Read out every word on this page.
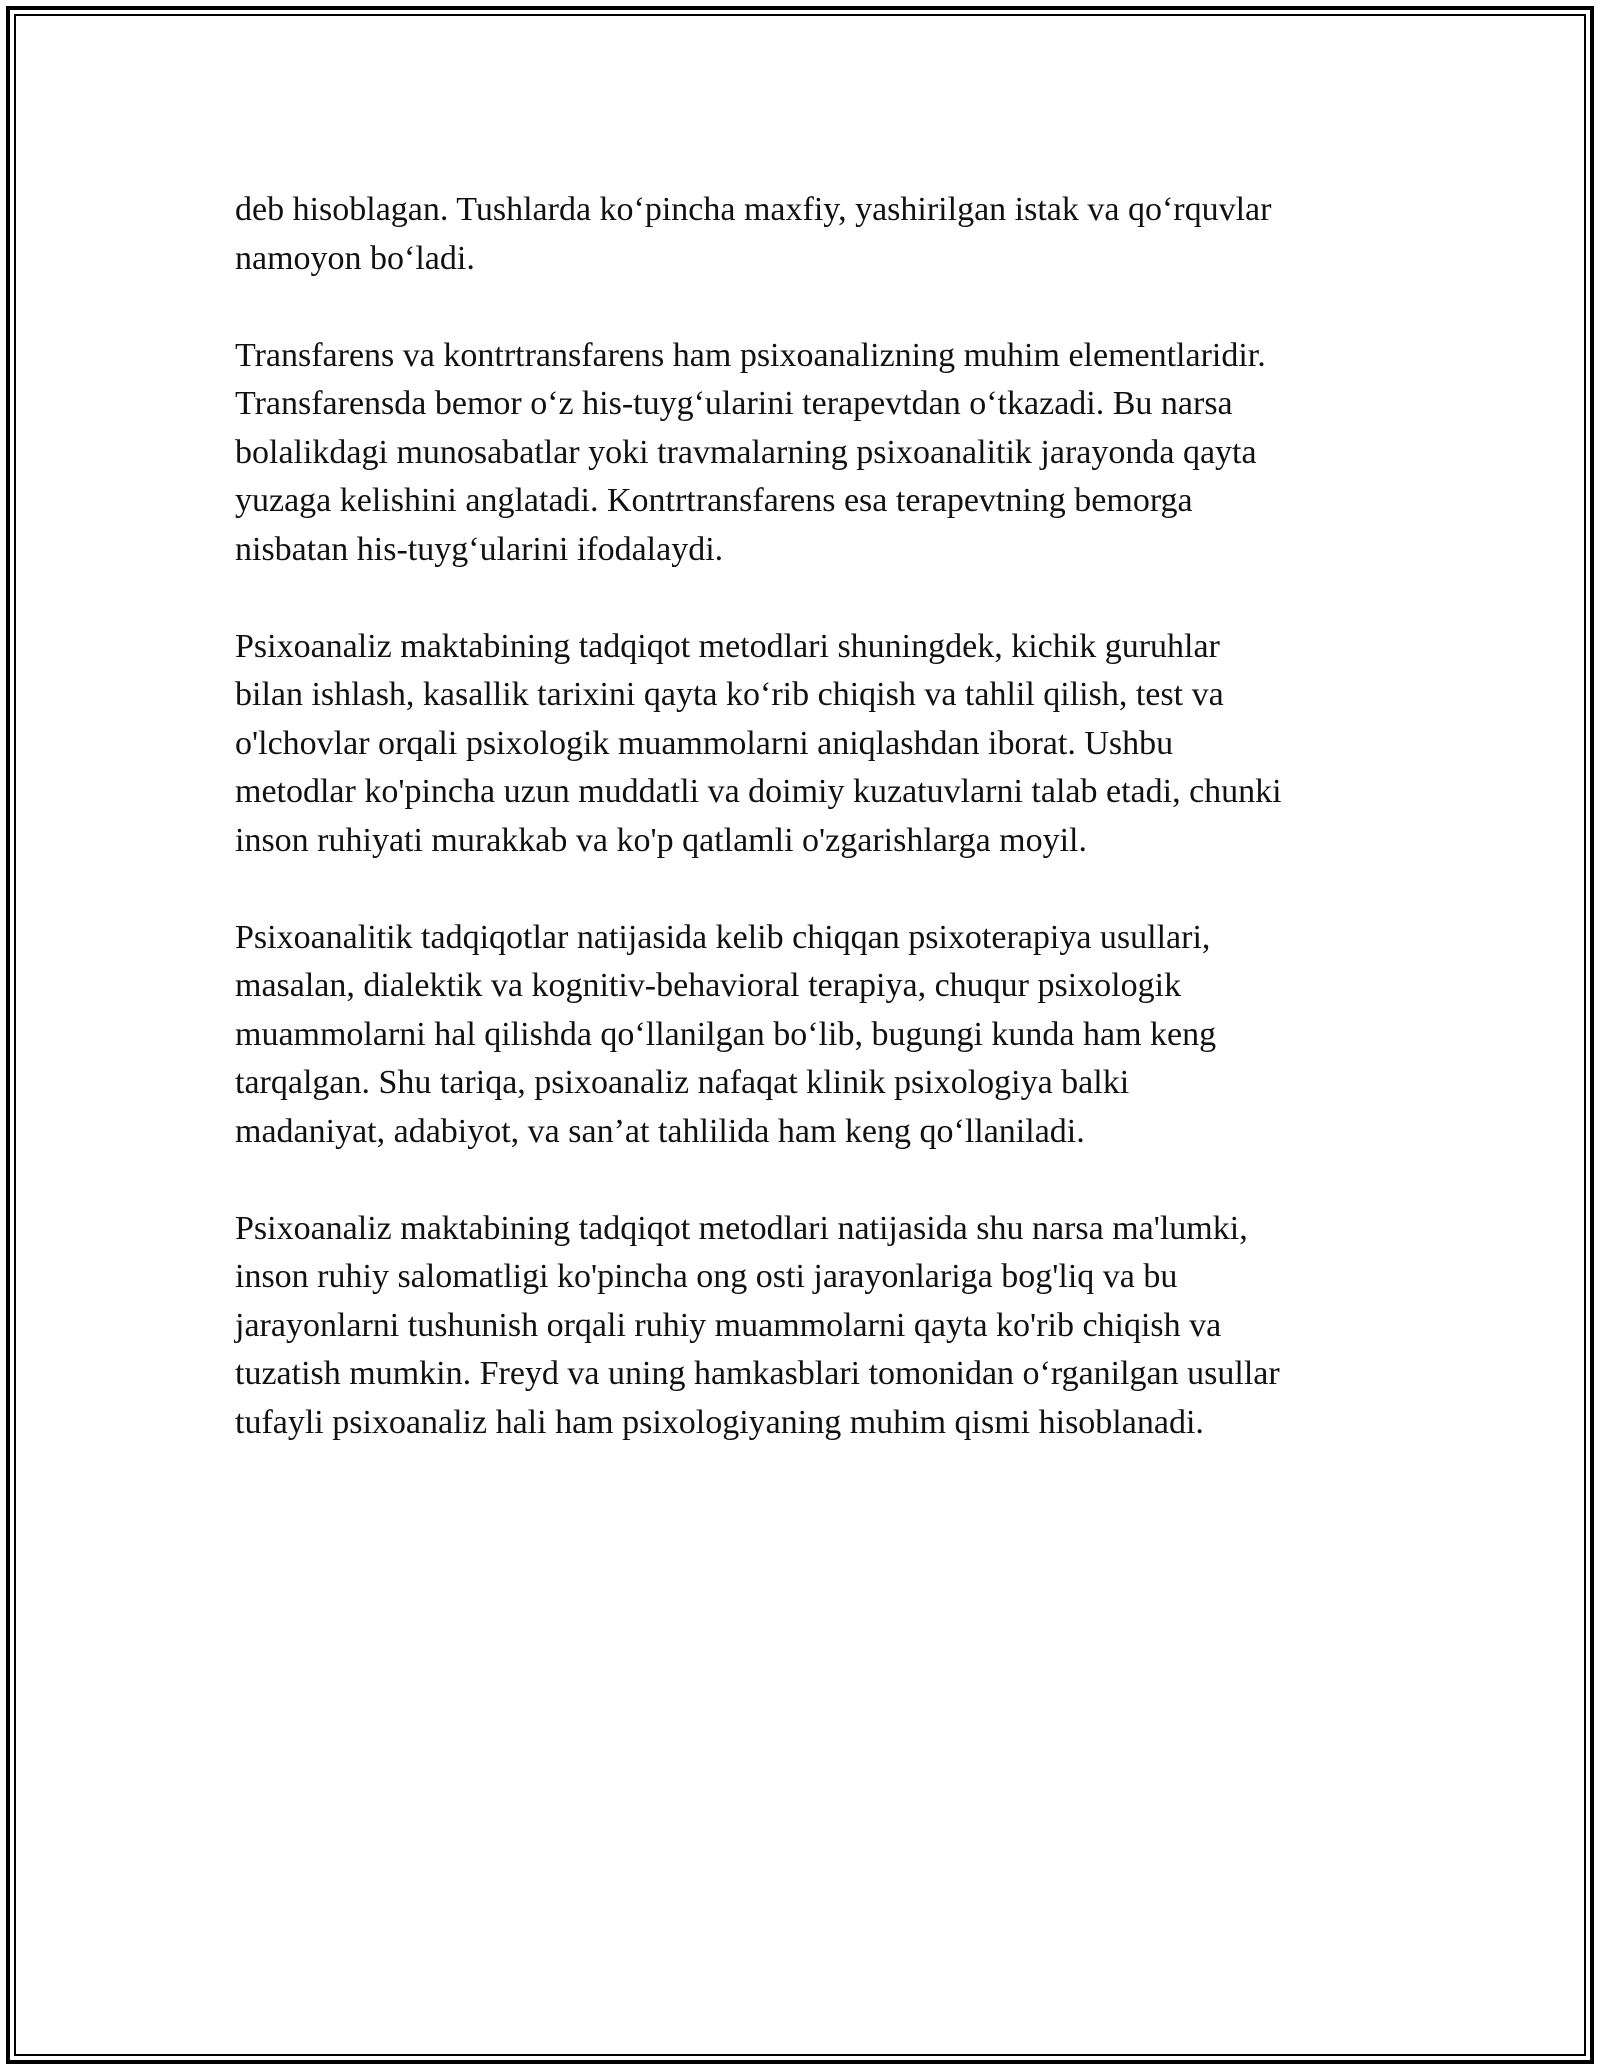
deb hisoblagan. Tushlarda ko‘pincha maxfiy, yashirilgan istak va qo‘rquvlar
namoyon bo‘ladi.

Transfarens va kontrtransfarens ham psixoanalizning muhim elementlaridir.
Transfarensda bemor o‘z his-tuyg‘ularini terapevtdan o‘tkazadi. Bu narsa
bolalikdagi munosabatlar yoki travmalarning psixoanalitik jarayonda qayta
yuzaga kelishini anglatadi. Kontrtransfarens esa terapevtning bemorga
nisbatan his-tuyg‘ularini ifodalaydi.

Psixoanaliz maktabining tadqiqot metodlari shuningdek, kichik guruhlar
bilan ishlash, kasallik tarixini qayta ko‘rib chiqish va tahlil qilish, test va
o'lchovlar orqali psixologik muammolarni aniqlashdan iborat. Ushbu
metodlar ko'pincha uzun muddatli va doimiy kuzatuvlarni talab etadi, chunki
inson ruhiyati murakkab va ko'p qatlamli o'zgarishlarga moyil.

Psixoanalitik tadqiqotlar natijasida kelib chiqqan psixoterapiya usullari,
masalan, dialektik va kognitiv-behavioral terapiya, chuqur psixologik
muammolarni hal qilishda qo‘llanilgan bo‘lib, bugungi kunda ham keng
tarqalgan. Shu tariqa, psixoanaliz nafaqat klinik psixologiya balki
madaniyat, adabiyot, va san’at tahlilida ham keng qo‘llaniladi.

Psixoanaliz maktabining tadqiqot metodlari natijasida shu narsa ma'lumki,
inson ruhiy salomatligi ko'pincha ong osti jarayonlariga bog'liq va bu
jarayonlarni tushunish orqali ruhiy muammolarni qayta ko'rib chiqish va
tuzatish mumkin. Freyd va uning hamkasblari tomonidan o‘rganilgan usullar
tufayli psixoanaliz hali ham psixologiyaning muhim qismi hisoblanadi.
